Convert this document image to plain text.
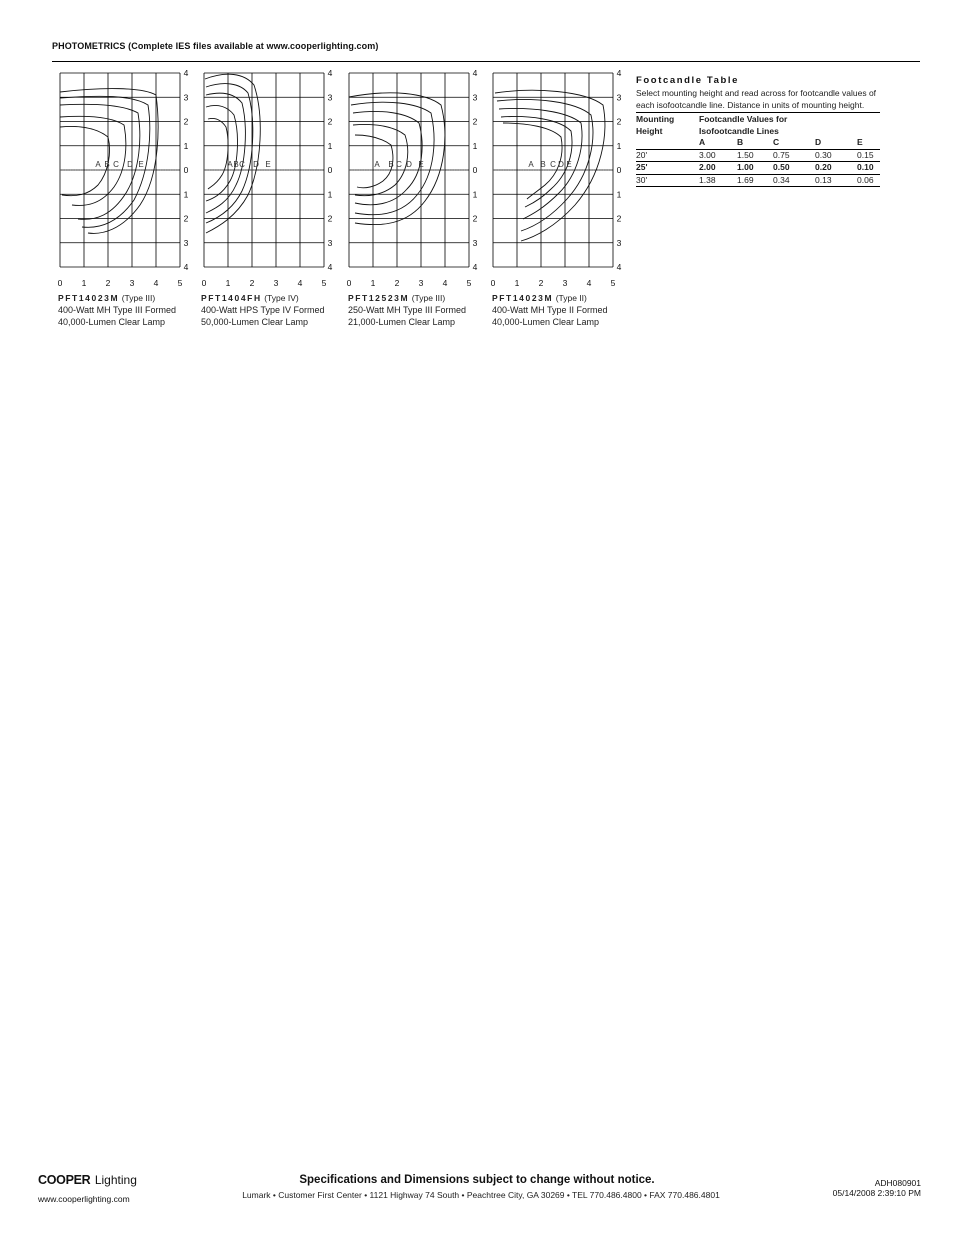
PHOTOMETRICS (Complete IES files available at www.cooperlighting.com)
0 1 2 3 4 5
4
3
2
1
0
1
2
3
4
A B C D E
PFT14023M (Type III)
400-Watt MH Type III Formed
40,000-Lumen Clear Lamp
0 1 2 3 4 5
4
3
2
1
0
1
2
3
4
A B C D E
PFT1404FH (Type IV)
400-Watt HPS Type IV Formed
50,000-Lumen Clear Lamp
0 1 2 3 4 5
4
3
2
1
0
1
2
3
4
A B C D E
PFT12523M (Type III)
250-Watt MH Type III Formed
21,000-Lumen Clear Lamp
0 1 2 3 4 5
4
3
2
1
0
1
2
3
4
A B C D E
PFT14023M (Type II)
400-Watt MH Type II Formed
40,000-Lumen Clear Lamp
Footcandle Table
Select mounting height and read across for footcandle values of each isofootcandle line. Distance in units of mounting height.
Mounting
Height	Footcandle Values for
Isofootcandle Lines				
	A	B	C	D	E
20'	3.00	1.50	0.75	0.30	0.15
25'	2.00	1.00	0.50	0.20	0.10
30'	1.38	1.69	0.34	0.13	0.06
COOPER Lighting
www.cooperlighting.com
Specifications and Dimensions subject to change without notice.
Lumark • Customer First Center • 1121 Highway 74 South • Peachtree City, GA 30269 • TEL 770.486.4800 • FAX 770.486.4801
ADH080901
05/14/2008 2:39:10 PM
